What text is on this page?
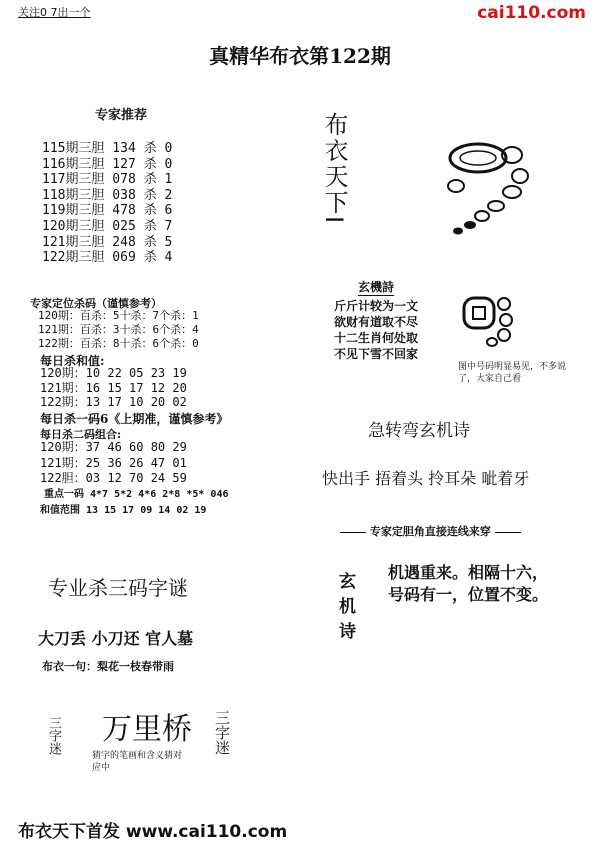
关注0 7出一个	cai110.com
真精华布衣第122期
专家推荐
115期三胆 134 杀 0
116期三胆 127 杀 0
117期三胆 078 杀 1
118期三胆 038 杀 2
119期三胆 478 杀 6
120期三胆 025 杀 7
121期三胆 248 杀 5
122期三胆 069 杀 4
专家定位杀码（谨慎参考）
120期：百杀：5十杀：7个杀：1
121期：百杀：3十杀：6个杀：4
122期：百杀：8十杀：6个杀：0
每日杀和值:
120期：10 22 05 23 19
121期：16 15 17 12 20
122期：13 17 10 20 02
每日杀一码6《上期准，谨慎参考》
每日杀二码组合:
120期：37 46 60 80 29
121期：25 36 26 47 01
122胆：03 12 70 24 59
重点一码 4*7 5*2 4*6 2*8 *5* 046
和值范围 13 15 17 09 14 02 19
专业杀三码字谜
大刀丢 小刀还 官人墓
布衣一句：梨花一枝春带雨
三字迷 万里桥 三字迷
猜字的笔画和含义猜对应中
布衣天下I
玄機詩
斤斤计较为一文
欲财有道取不尽
十二生肖何处取
不见下雪不回家
图中号码明显易见，不多说了，大家自己看
急转弯玄机诗
快出手 捂着头 拎耳朵 呲着牙
专家定胆角直接连线来穿
玄机诗 机遇重来。相隔十六，
号码有一，位置不变。
布衣天下首发 www.cai110.com
